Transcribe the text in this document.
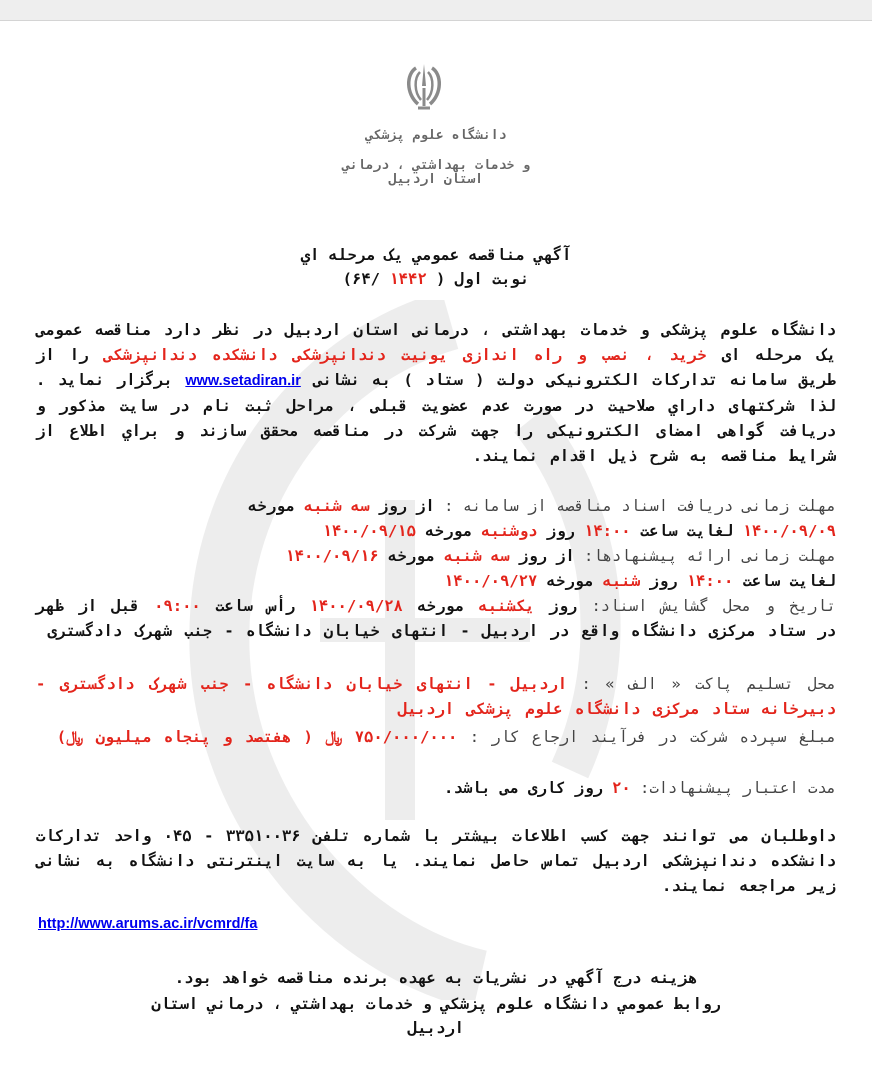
دانشگاه علوم پزشکي
و خدمات بهداشتي ، درماني
استان اردبيل
آگهي مناقصه عمومي يک مرحله اي
نوبت اول ( ۱۴۴۲ /۶۴)
دانشگاه علوم پزشکی و خدمات بهداشتی ، درمانی استان اردبیل در نظر دارد مناقصه عمومی یک مرحله ای خرید ، نصب و راه اندازی یونیت دندانپزشکی دانشکده دندانپزشکی را از طریق سامانه تدارکات الکترونیکی دولت ( ستاد ) به نشانی www.setadiran.ir برگزار نماید . لذا شرکتهای داراي صلاحیت در صورت عدم عضویت قبلی ، مراحل ثبت نام در سایت مذکور و دریافت گواهی امضای الکترونیکی را جهت شرکت در مناقصه محقق سازند و براي اطلاع از شرایط مناقصه به شرح ذیل اقدام نمایند.
مهلت زمانی دریافت اسناد مناقصه از سامانه : از روز سه شنبه مورخه
۱۴۰۰/۰۹/۰۹ لغایت ساعت ۱۴:۰۰ روز دوشنبه مورخه ۱۴۰۰/۰۹/۱۵
مهلت زمانی ارائه پیشنهادها: از روز سه شنبه مورخه ۱۴۰۰/۰۹/۱۶
لغایت ساعت ۱۴:۰۰ روز شنبه مورخه ۱۴۰۰/۰۹/۲۷
تاریخ و محل گشایش اسناد: روز یکشنبه مورخه ۱۴۰۰/۰۹/۲۸ رأس ساعت ۰۹:۰۰ قبل از ظهر در ستاد مرکزی دانشگاه واقع در اردبیل - انتهای خیابان دانشگاه - جنب شهرک دادگستری
محل تسلیم پاکت « الف » : اردبیل - انتهای خیابان دانشگاه - جنب شهرک دادگستری - دبیرخانه ستاد مرکزی دانشگاه علوم پزشکی اردبیل
مبلغ سپرده شرکت در فرآیند ارجاع کار : ۷۵۰/۰۰۰/۰۰۰ ﷼ ( هفتصد و پنجاه میلیون ﷼)
مدت اعتبار پیشنهادات: ۲۰ روز کاری می باشد.
داوطلبان می توانند جهت کسب اطلاعات بیشتر با شماره تلفن ۳۳۵۱۰۰۳۶ - ۰۴۵ واحد تدارکات دانشکده دندانپزشکی اردبیل تماس حاصل نمایند. یا به سایت اینترنتی دانشگاه به نشانی زیر مراجعه نمایند.
http://www.arums.ac.ir/vcmrd/fa
هزینه درج آگهي در نشریات به عهده برنده مناقصه خواهد بود.
روابط عمومي دانشگاه علوم پزشکي و خدمات بهداشتي ، درماني استان اردبيل
